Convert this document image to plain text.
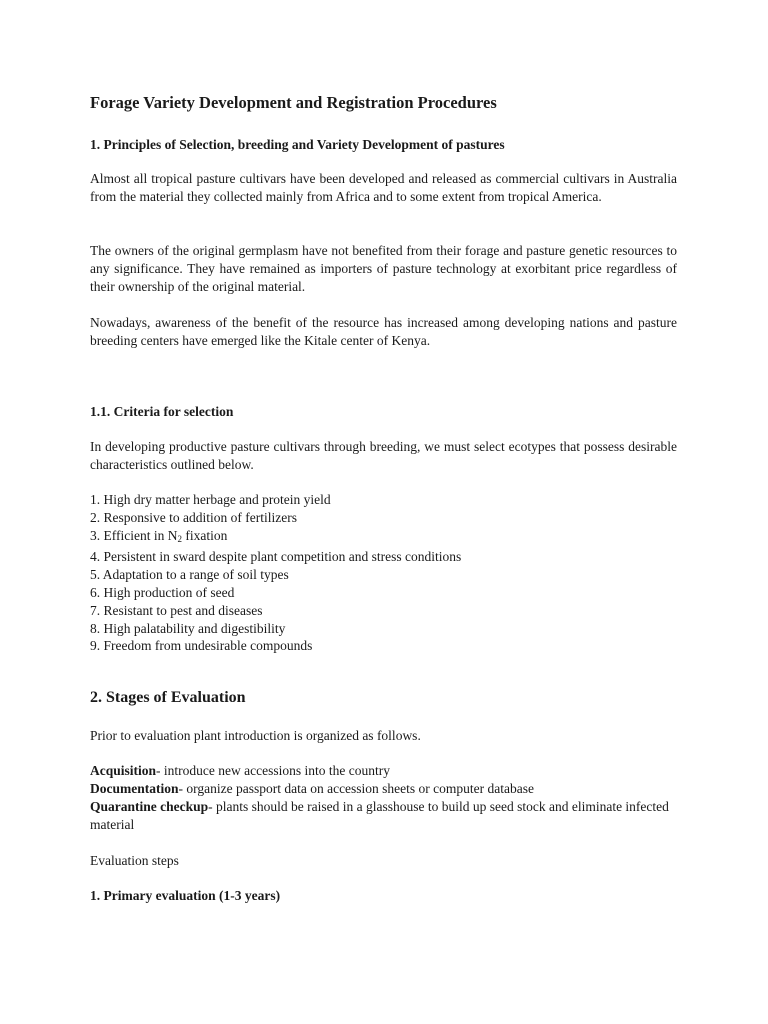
Forage Variety Development and Registration Procedures
1. Principles of Selection, breeding and Variety Development of pastures
Almost all tropical pasture cultivars have been developed and released as commercial cultivars in Australia from the material they collected mainly from Africa and to some extent from tropical America.
The owners of the original germplasm have not benefited from their forage and pasture genetic resources to any significance. They have remained as importers of pasture technology at exorbitant price regardless of their ownership of the original material.
Nowadays, awareness of the benefit of the resource has increased among developing nations and pasture breeding centers have emerged like the Kitale center of Kenya.
1.1. Criteria for selection
In developing productive pasture cultivars through breeding, we must select ecotypes that possess desirable characteristics outlined below.
1. High dry matter herbage and protein yield
2. Responsive to addition of fertilizers
3. Efficient in $N_2$ fixation
4. Persistent in sward despite plant competition and stress conditions
5. Adaptation to a range of soil types
6. High production of seed
7. Resistant to pest and diseases
8. High palatability and digestibility
9. Freedom from undesirable compounds
2. Stages of Evaluation
Prior to evaluation plant introduction is organized as follows.
Acquisition- introduce new accessions into the country
Documentation- organize passport data on accession sheets or computer database
Quarantine checkup- plants should be raised in a glasshouse to build up seed stock and eliminate infected material
Evaluation steps
1. Primary evaluation (1-3 years)
